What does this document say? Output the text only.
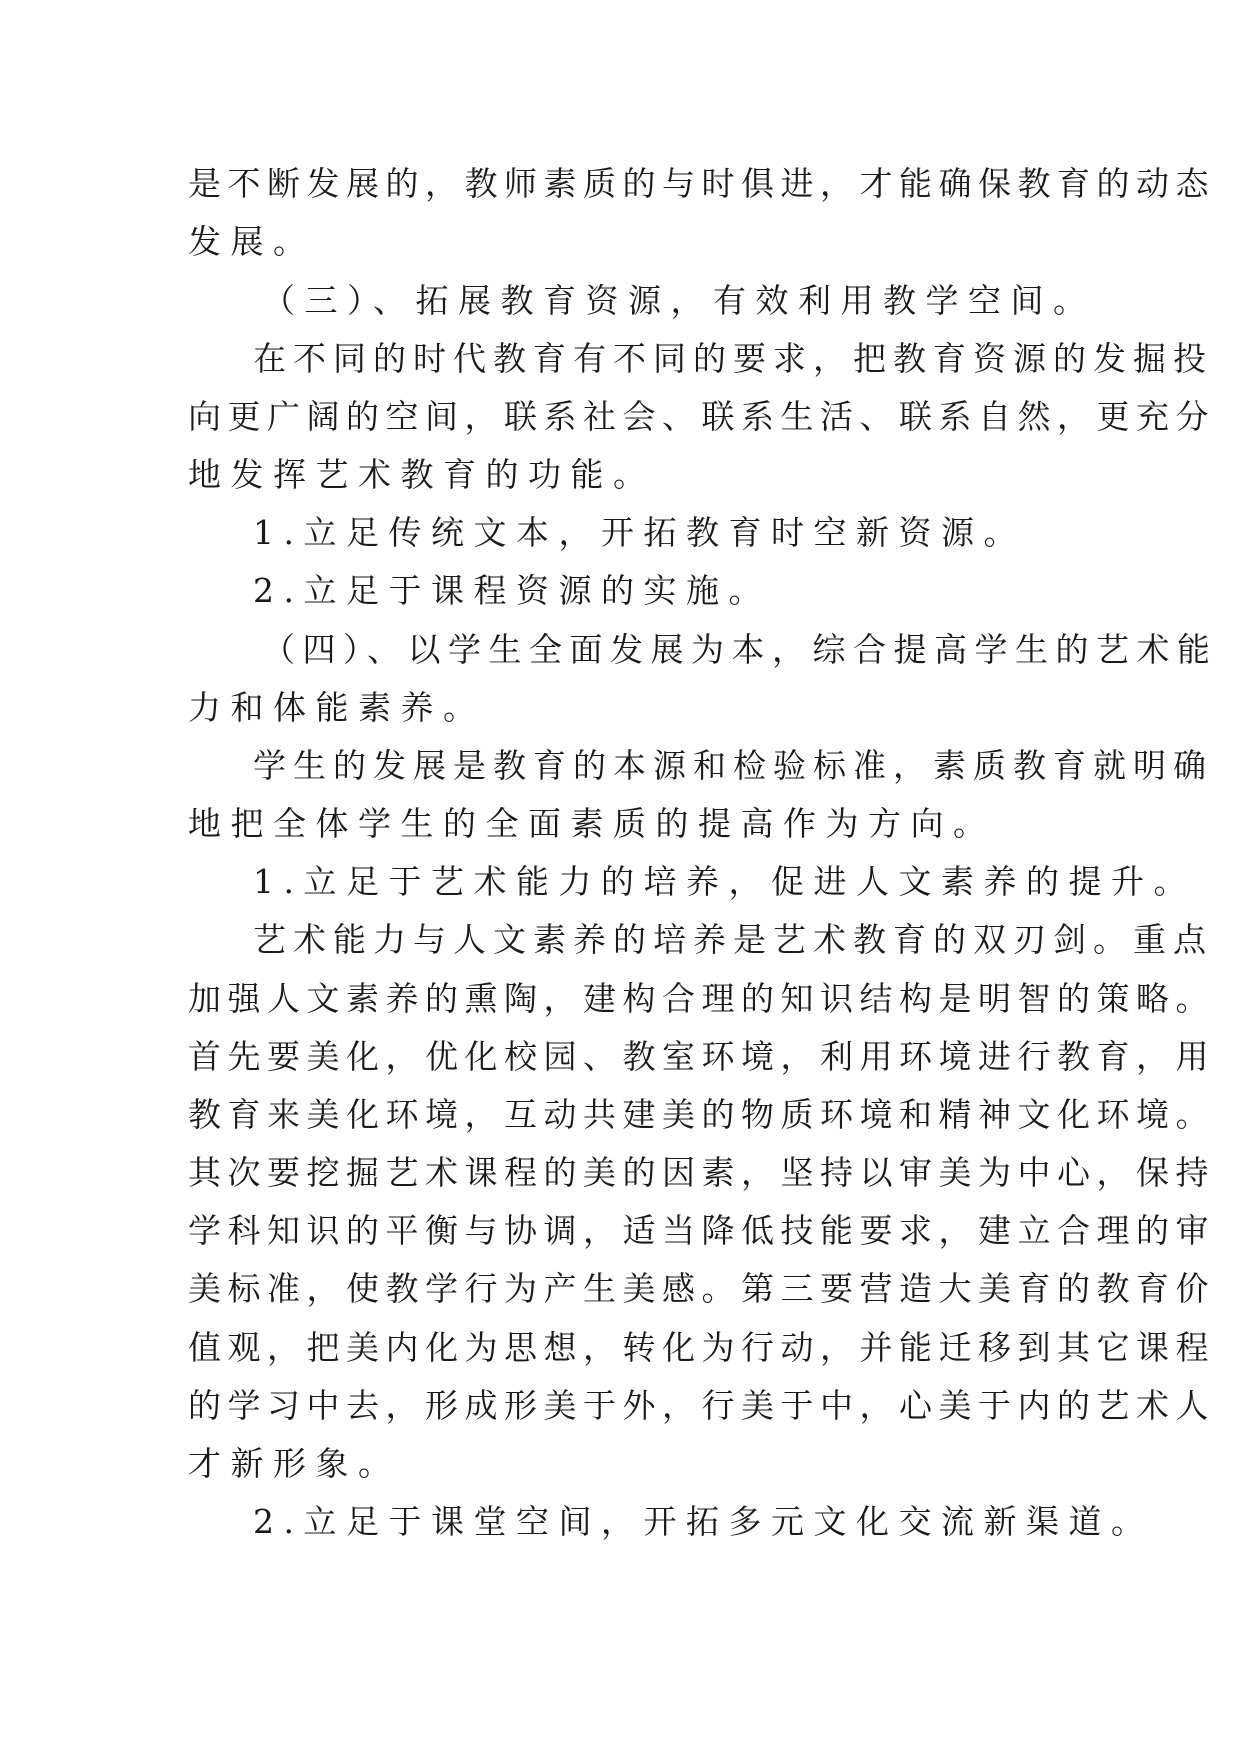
是不断发展的，教师素质的与时俱进，才能确保教育的动态
发展。
（三）、拓展教育资源，有效利用教学空间。
在不同的时代教育有不同的要求，把教育资源的发掘投
向更广阔的空间，联系社会、联系生活、联系自然，更充分
地发挥艺术教育的功能。
1.立足传统文本，开拓教育时空新资源。
2.立足于课程资源的实施。
（四）、以学生全面发展为本，综合提高学生的艺术能
力和体能素养。
学生的发展是教育的本源和检验标准，素质教育就明确
地把全体学生的全面素质的提高作为方向。
1.立足于艺术能力的培养，促进人文素养的提升。
艺术能力与人文素养的培养是艺术教育的双刃剑。重点
加强人文素养的熏陶，建构合理的知识结构是明智的策略。
首先要美化，优化校园、教室环境，利用环境进行教育，用
教育来美化环境，互动共建美的物质环境和精神文化环境。
其次要挖掘艺术课程的美的因素，坚持以审美为中心，保持
学科知识的平衡与协调，适当降低技能要求，建立合理的审
美标准，使教学行为产生美感。第三要营造大美育的教育价
值观，把美内化为思想，转化为行动，并能迁移到其它课程
的学习中去，形成形美于外，行美于中，心美于内的艺术人
才新形象。
2.立足于课堂空间，开拓多元文化交流新渠道。
